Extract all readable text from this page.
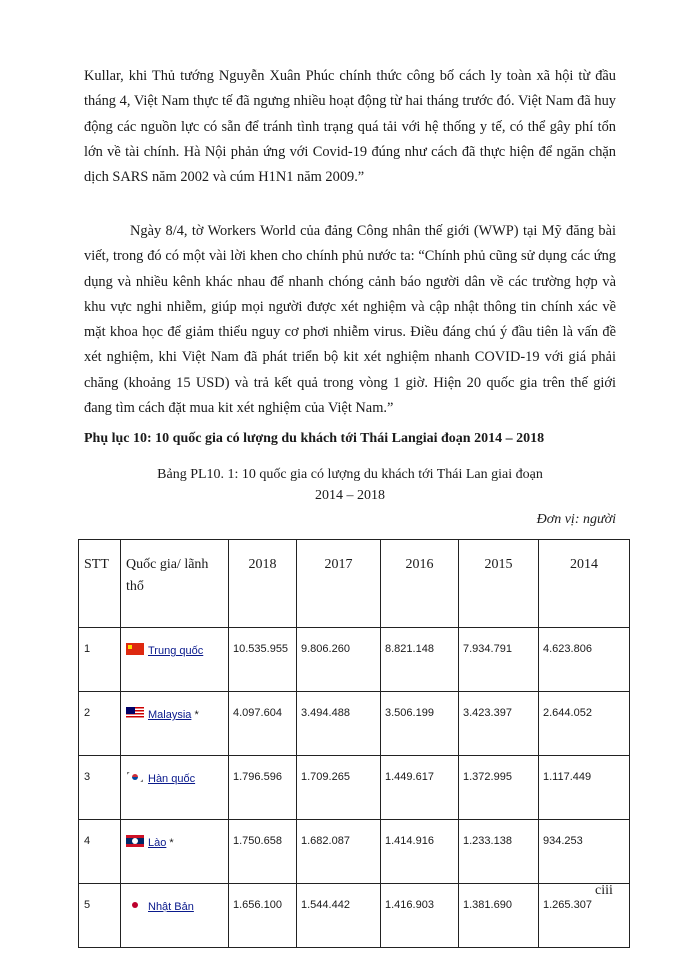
Kullar, khi Thủ tướng Nguyễn Xuân Phúc chính thức công bố cách ly toàn xã hội từ đầu tháng 4, Việt Nam thực tế đã ngưng nhiều hoạt động từ hai tháng trước đó. Việt Nam đã huy động các nguồn lực có sẵn để tránh tình trạng quá tải với hệ thống y tế, có thể gây phí tổn lớn về tài chính. Hà Nội phản ứng với Covid-19 đúng như cách đã thực hiện để ngăn chặn dịch SARS năm 2002 và cúm H1N1 năm 2009.”

Ngày 8/4, tờ Workers World của đảng Công nhân thế giới (WWP) tại Mỹ đăng bài viết, trong đó có một vài lời khen cho chính phủ nước ta: “Chính phủ cũng sử dụng các ứng dụng và nhiều kênh khác nhau để nhanh chóng cảnh báo người dân về các trường hợp và khu vực nghi nhiễm, giúp mọi người được xét nghiệm và cập nhật thông tin chính xác về mặt khoa học để giảm thiểu nguy cơ phơi nhiễm virus. Điều đáng chú ý đầu tiên là vấn đề xét nghiệm, khi Việt Nam đã phát triển bộ kit xét nghiệm nhanh COVID-19 với giá phải chăng (khoảng 15 USD) và trả kết quả trong vòng 1 giờ. Hiện 20 quốc gia trên thế giới đang tìm cách đặt mua kit xét nghiệm của Việt Nam.”

Phụ lục 10: 10 quốc gia có lượng du khách tới Thái Langiai đoạn 2014 – 2018

Bảng PL10. 1: 10 quốc gia có lượng du khách tới Thái Lan giai đoạn
2014 – 2018
Đơn vị: người
STT	Quốc gia/ lãnh thổ	2018	2017	2016	2015	2014
1	Trung quốc	10.535.955	9.806.260	8.821.148	7.934.791	4.623.806
2	Malaysia *	4.097.604	3.494.488	3.506.199	3.423.397	2.644.052
3	Hàn quốc	1.796.596	1.709.265	1.449.617	1.372.995	1.117.449
4	Lào *	1.750.658	1.682.087	1.414.916	1.233.138	934.253
5	Nhật Bản	1.656.100	1.544.442	1.416.903	1.381.690	1.265.307
ciii
